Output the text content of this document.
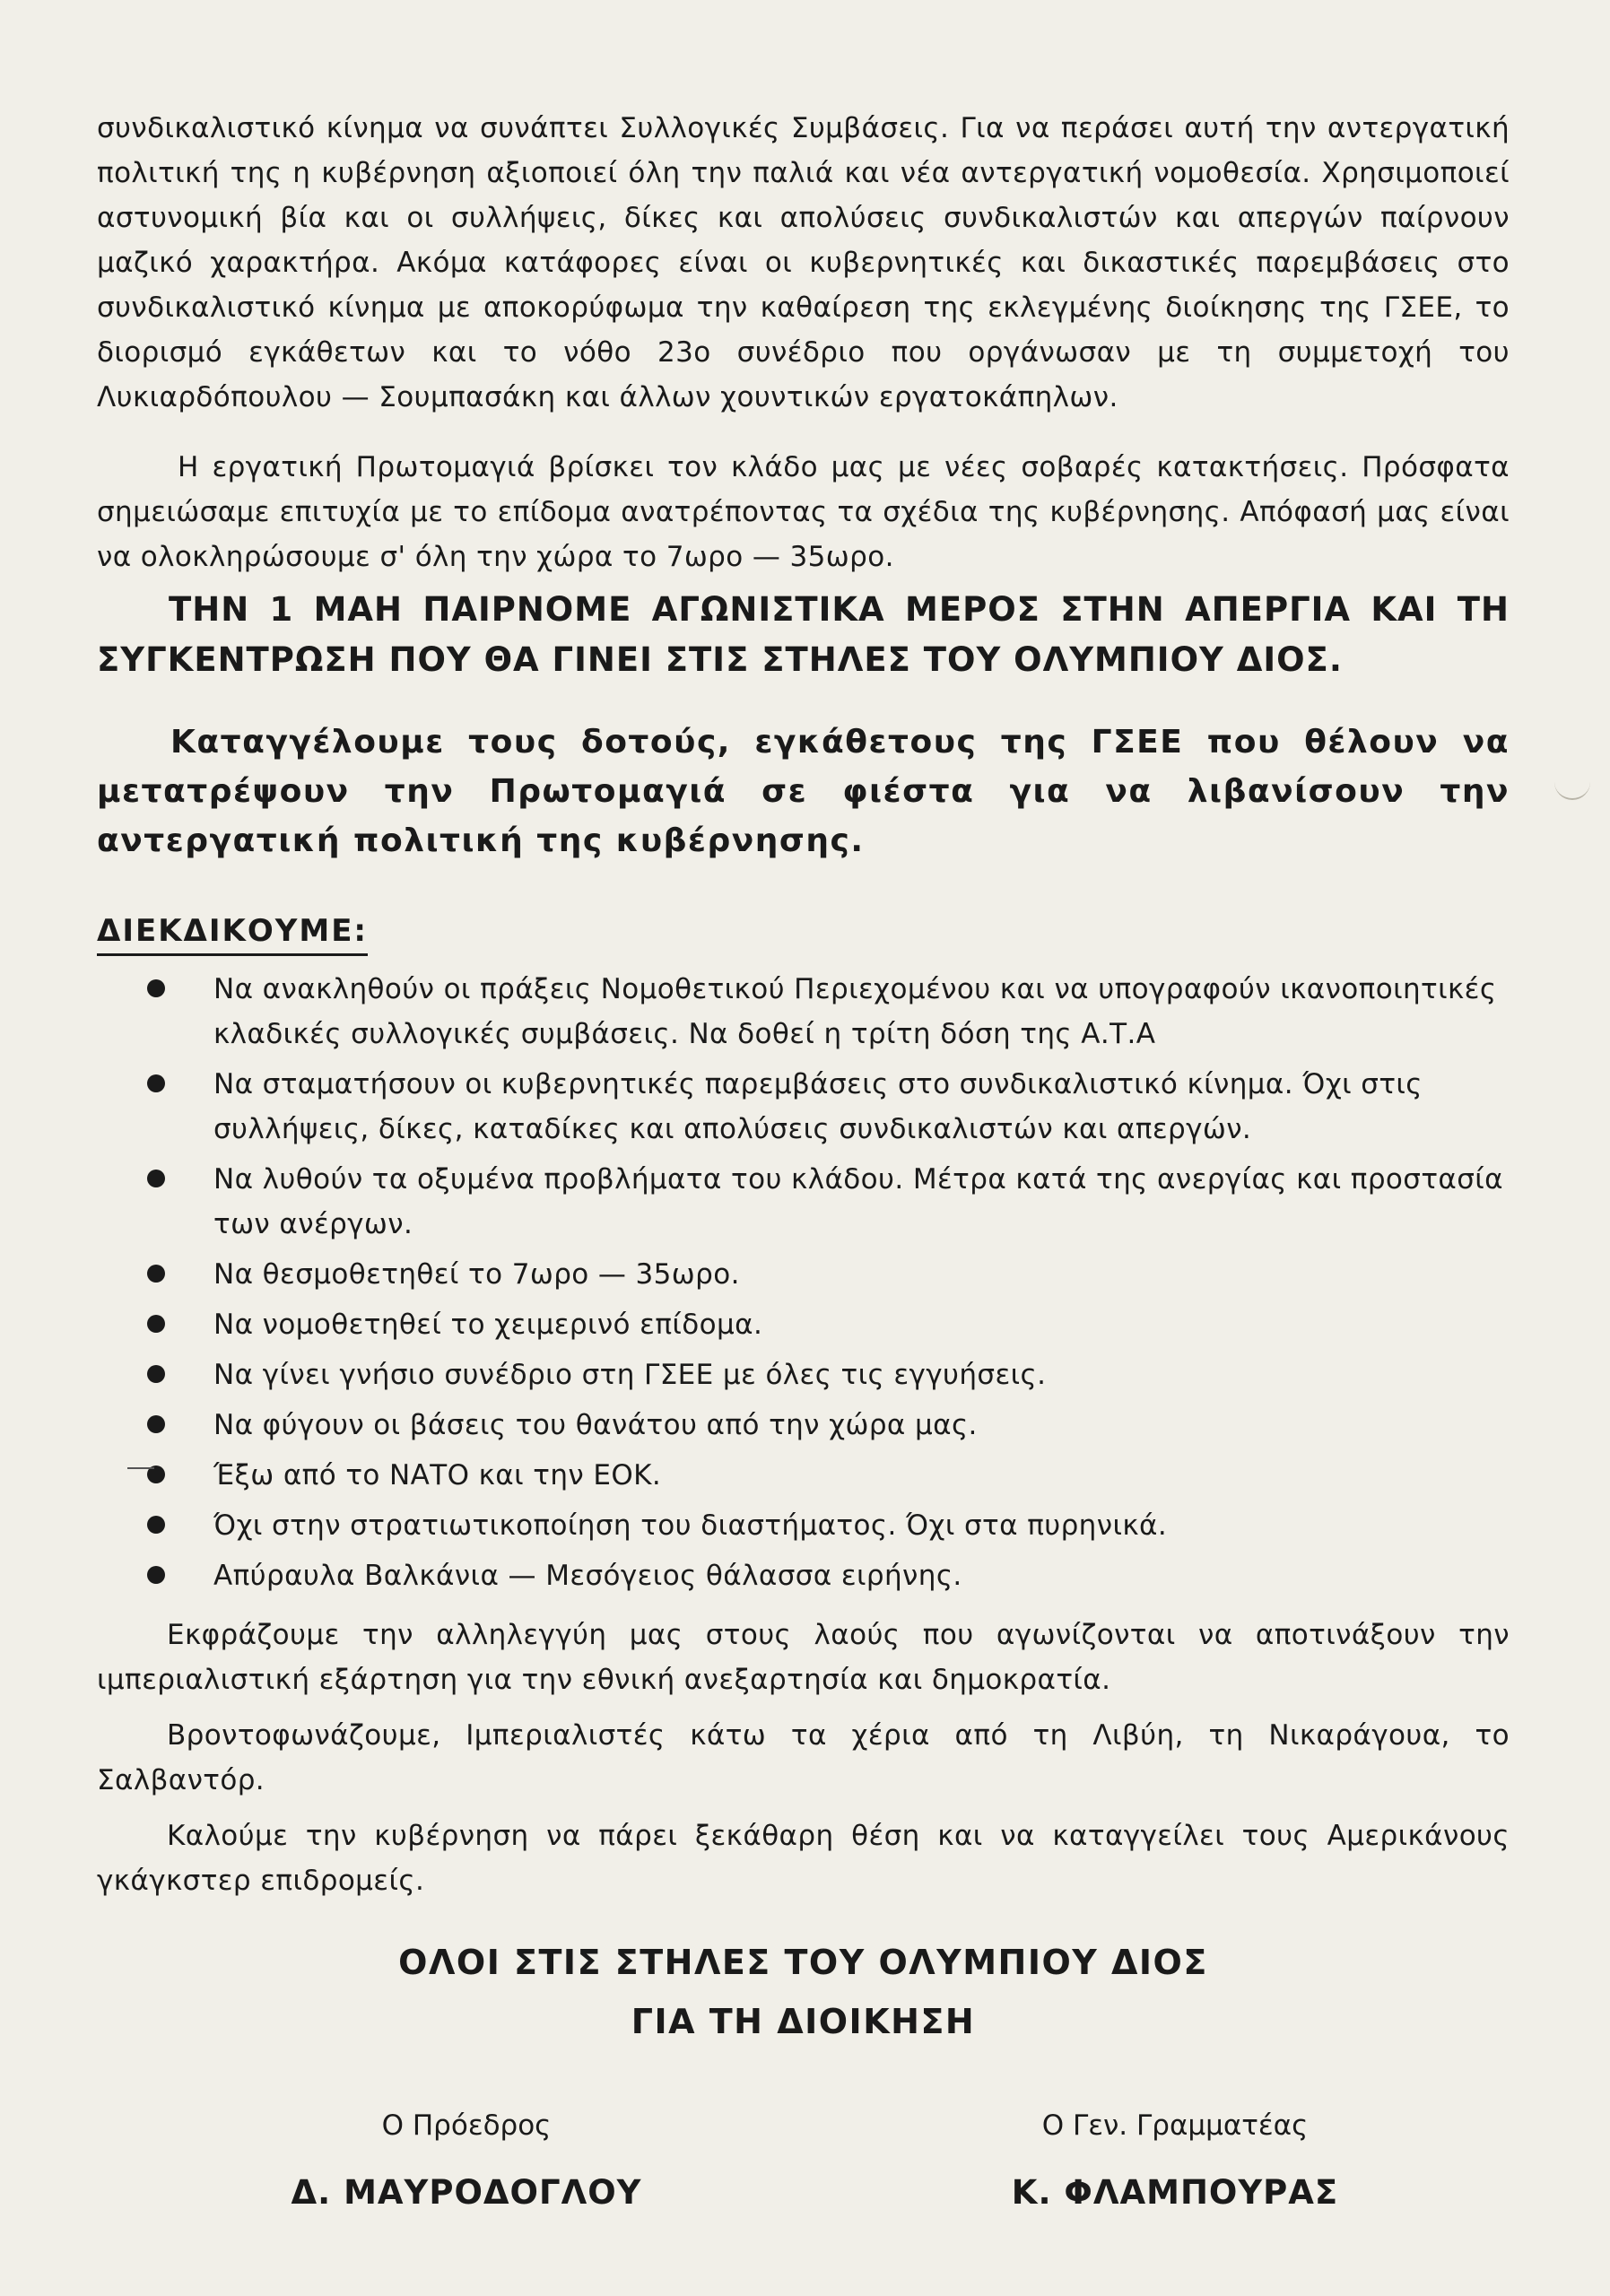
συνδικαλιστικό κίνημα να συνάπτει Συλλογικές Συμβάσεις. Για να περάσει αυτή την αντεργατική πολιτική της η κυβέρνηση αξιοποιεί όλη την παλιά και νέα αντεργατική νομοθεσία. Χρησιμοποιεί αστυνομική βία και οι συλλήψεις, δίκες και απολύσεις συνδικαλιστών και απεργών παίρνουν μαζικό χαρακτήρα. Ακόμα κατάφορες είναι οι κυβερνητικές και δικαστικές παρεμβάσεις στο συνδικαλιστικό κίνημα με αποκορύφωμα την καθαίρεση της εκλεγμένης διοίκησης της ΓΣΕΕ, το διορισμό εγκάθετων και το νόθο 23ο συνέδριο που οργάνωσαν με τη συμμετοχή του Λυκιαρδόπουλου — Σουμπασάκη και άλλων χουντικών εργατοκάπηλων.

Η εργατική Πρωτομαγιά βρίσκει τον κλάδο μας με νέες σοβαρές κατακτήσεις. Πρόσφατα σημειώσαμε επιτυχία με το επίδομα ανατρέποντας τα σχέδια της κυβέρνησης. Απόφασή μας είναι να ολοκληρώσουμε σ' όλη την χώρα το 7ωρο — 35ωρο.

ΤΗΝ 1 ΜΑΗ ΠΑΙΡΝΟΜΕ ΑΓΩΝΙΣΤΙΚΑ ΜΕΡΟΣ ΣΤΗΝ ΑΠΕΡΓΙΑ ΚΑΙ ΤΗ ΣΥΓΚΕΝΤΡΩΣΗ ΠΟΥ ΘΑ ΓΙΝΕΙ ΣΤΙΣ ΣΤΗΛΕΣ ΤΟΥ ΟΛΥΜΠΙΟΥ ΔΙΟΣ.

Καταγγέλουμε τους δοτούς, εγκάθετους της ΓΣΕΕ που θέλουν να μετατρέψουν την Πρωτομαγιά σε φιέστα για να λιβανίσουν την αντεργατική πολιτική της κυβέρνησης.

ΔΙΕΚΔΙΚΟΥΜΕ:
Να ανακληθούν οι πράξεις Νομοθετικού Περιεχομένου και να υπογραφούν ικανοποιητικές κλαδικές συλλογικές συμβάσεις. Να δοθεί η τρίτη δόση της Α.Τ.Α
Να σταματήσουν οι κυβερνητικές παρεμβάσεις στο συνδικαλιστικό κίνημα. Όχι στις συλλήψεις, δίκες, καταδίκες και απολύσεις συνδικαλιστών και απεργών.
Να λυθούν τα οξυμένα προβλήματα του κλάδου. Μέτρα κατά της ανεργίας και προστασία των ανέργων.
Να θεσμοθετηθεί το 7ωρο — 35ωρο.
Να νομοθετηθεί το χειμερινό επίδομα.
Να γίνει γνήσιο συνέδριο στη ΓΣΕΕ με όλες τις εγγυήσεις.
Να φύγουν οι βάσεις του θανάτου από την χώρα μας.
Έξω από το ΝΑΤΟ και την ΕΟΚ.
Όχι στην στρατιωτικοποίηση του διαστήματος. Όχι στα πυρηνικά.
Απύραυλα Βαλκάνια — Μεσόγειος θάλασσα ειρήνης.

Εκφράζουμε την αλληλεγγύη μας στους λαούς που αγωνίζονται να αποτινάξουν την ιμπεριαλιστική εξάρτηση για την εθνική ανεξαρτησία και δημοκρατία.

Βροντοφωνάζουμε, Ιμπεριαλιστές κάτω τα χέρια από τη Λιβύη, τη Νικαράγουα, το Σαλβαντόρ.

Καλούμε την κυβέρνηση να πάρει ξεκάθαρη θέση και να καταγγείλει τους Αμερικάνους γκάγκστερ επιδρομείς.

ΟΛΟΙ ΣΤΙΣ ΣΤΗΛΕΣ ΤΟΥ ΟΛΥΜΠΙΟΥ ΔΙΟΣ
ΓΙΑ ΤΗ ΔΙΟΙΚΗΣΗ
Ο Πρόεδρος
Δ. ΜΑΥΡΟΔΟΓΛΟΥ
Ο Γεν. Γραμματέας
Κ. ΦΛΑΜΠΟΥΡΑΣ
